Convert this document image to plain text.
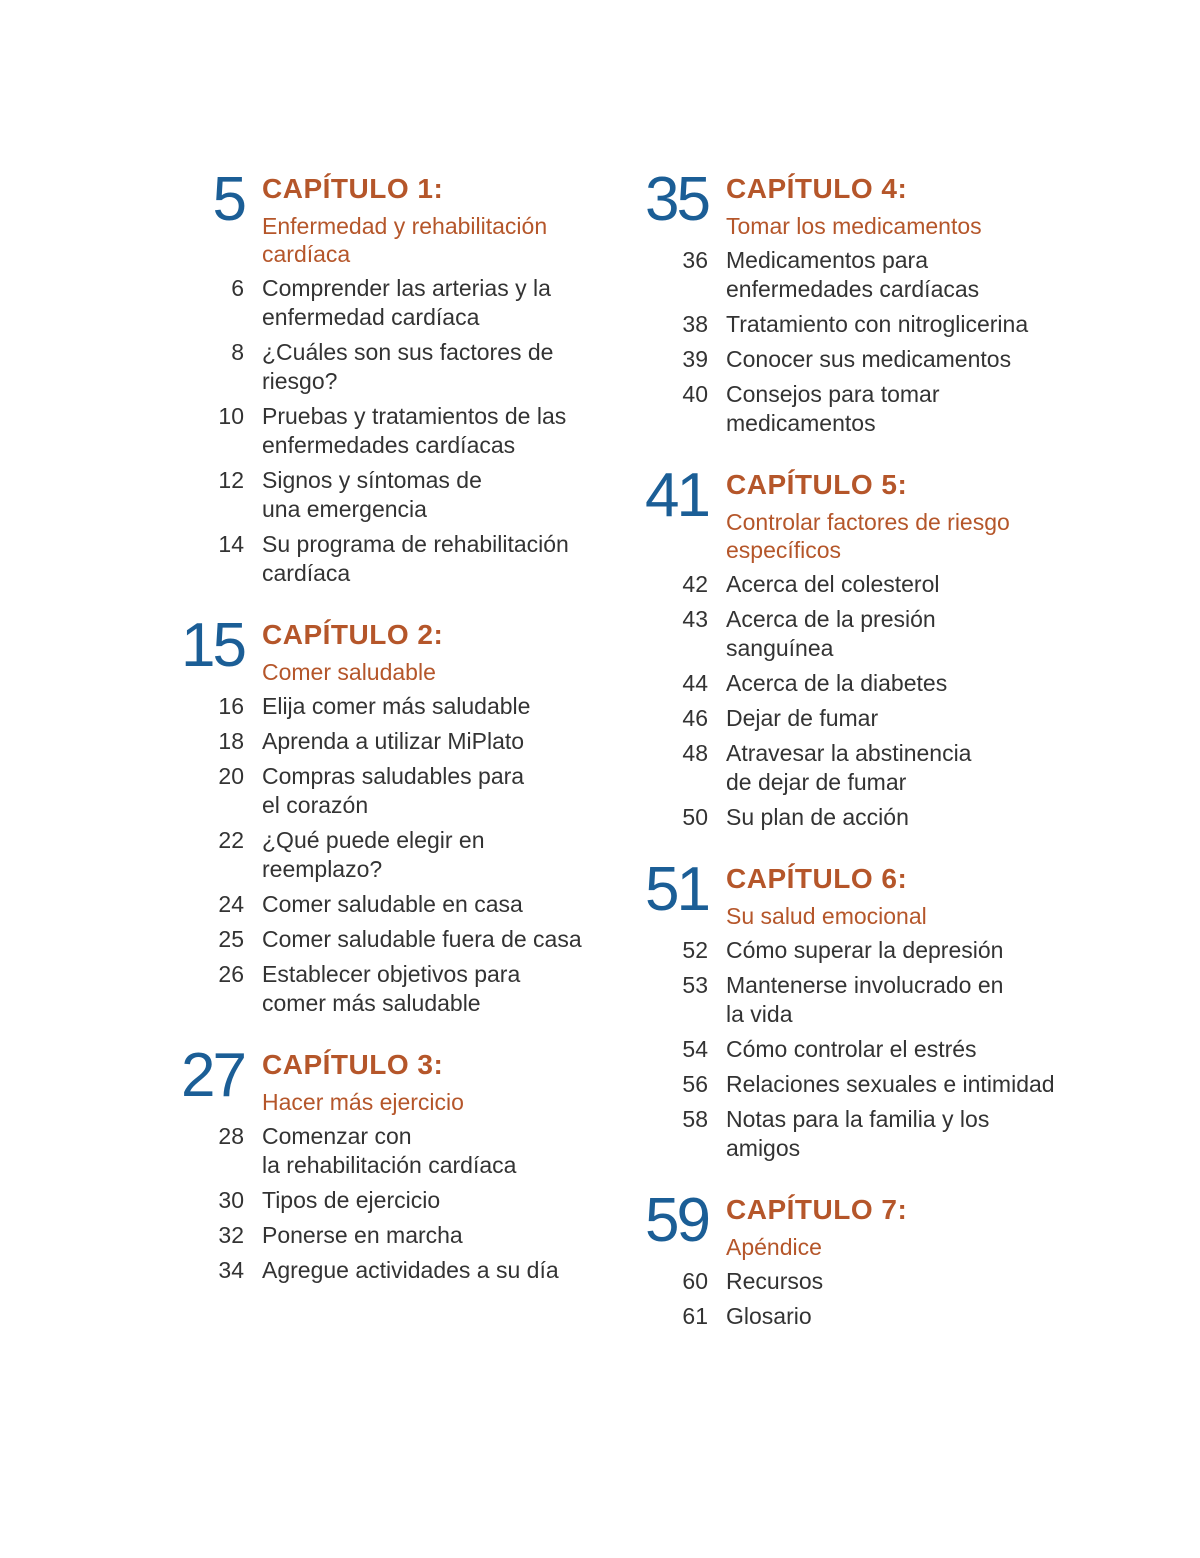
5 CAPÍTULO 1:
Enfermedad y rehabilitación
cardíaca
6 Comprender las arterias y la
enfermedad cardíaca
8 ¿Cuáles son sus factores de
riesgo?
10 Pruebas y tratamientos de las
enfermedades cardíacas
12 Signos y síntomas de
una emergencia
14 Su programa de rehabilitación
cardíaca
15 CAPÍTULO 2:
Comer saludable
16 Elija comer más saludable
18 Aprenda a utilizar MiPlato
20 Compras saludables para
el corazón
22 ¿Qué puede elegir en
reemplazo?
24 Comer saludable en casa
25 Comer saludable fuera de casa
26 Establecer objetivos para
comer más saludable
27 CAPÍTULO 3:
Hacer más ejercicio
28 Comenzar con
la rehabilitación cardíaca
30 Tipos de ejercicio
32 Ponerse en marcha
34 Agregue actividades a su día
35 CAPÍTULO 4:
Tomar los medicamentos
36 Medicamentos para
enfermedades cardíacas
38 Tratamiento con nitroglicerina
39 Conocer sus medicamentos
40 Consejos para tomar
medicamentos
41 CAPÍTULO 5:
Controlar factores de riesgo
específicos
42 Acerca del colesterol
43 Acerca de la presión
sanguínea
44 Acerca de la diabetes
46 Dejar de fumar
48 Atravesar la abstinencia
de dejar de fumar
50 Su plan de acción
51 CAPÍTULO 6:
Su salud emocional
52 Cómo superar la depresión
53 Mantenerse involucrado en
la vida
54 Cómo controlar el estrés
56 Relaciones sexuales e intimidad
58 Notas para la familia y los
amigos
59 CAPÍTULO 7:
Apéndice
60 Recursos
61 Glosario
